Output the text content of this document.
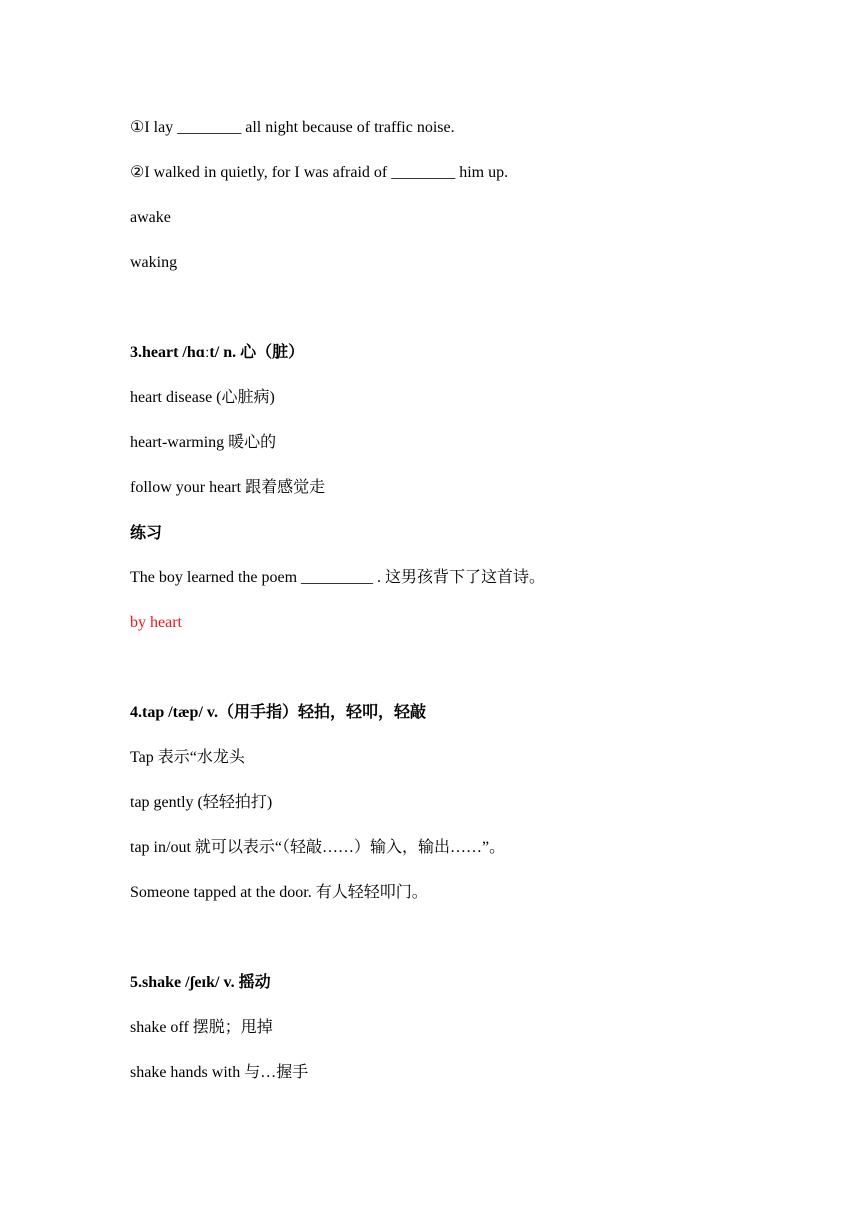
①I lay ________ all night because of traffic noise.
②I walked in quietly, for I was afraid of ________ him up.
awake
waking
3.heart /hɑːt/ n. 心（脏）
heart disease (心脏病)
heart-warming 暖心的
follow your heart 跟着感觉走
练习
The boy learned the poem _________ . 这男孩背下了这首诗。
by heart
4.tap /tæp/ v.（用手指）轻拍，轻叩，轻敲
Tap 表示“水龙头
tap gently (轻轻拍打)
tap in/out 就可以表示“（轻敲……）输入，输出……”。
Someone tapped at the door. 有人轻轻叩门。
5.shake /ʃeɪk/ v. 摇动
shake off 摆脱；甩掉
shake hands with 与…握手
